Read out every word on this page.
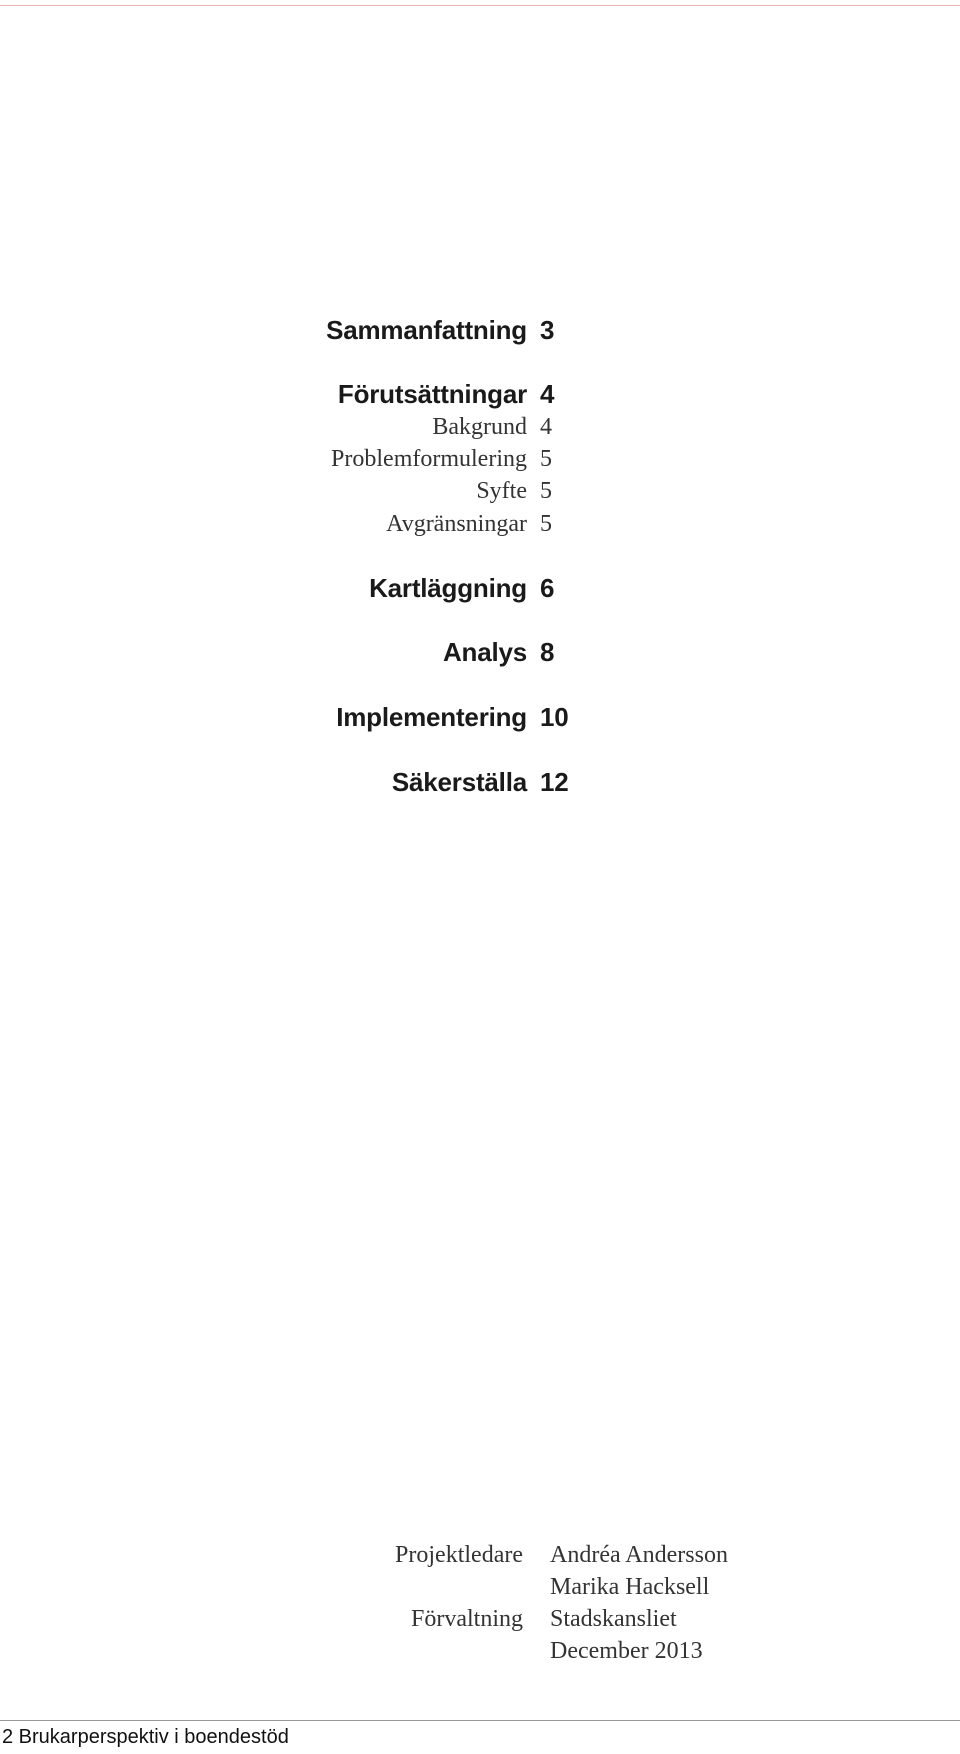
Sammanfattning 3
Förutsättningar 4
Bakgrund 4
Problemformulering 5
Syfte 5
Avgränsningar 5
Kartläggning 6
Analys 8
Implementering 10
Säkerställa 12
Projektledare Andréa Andersson
Marika Hacksell
Förvaltning Stadskansliet
December 2013
2 Brukarperspektiv i boendestöd
